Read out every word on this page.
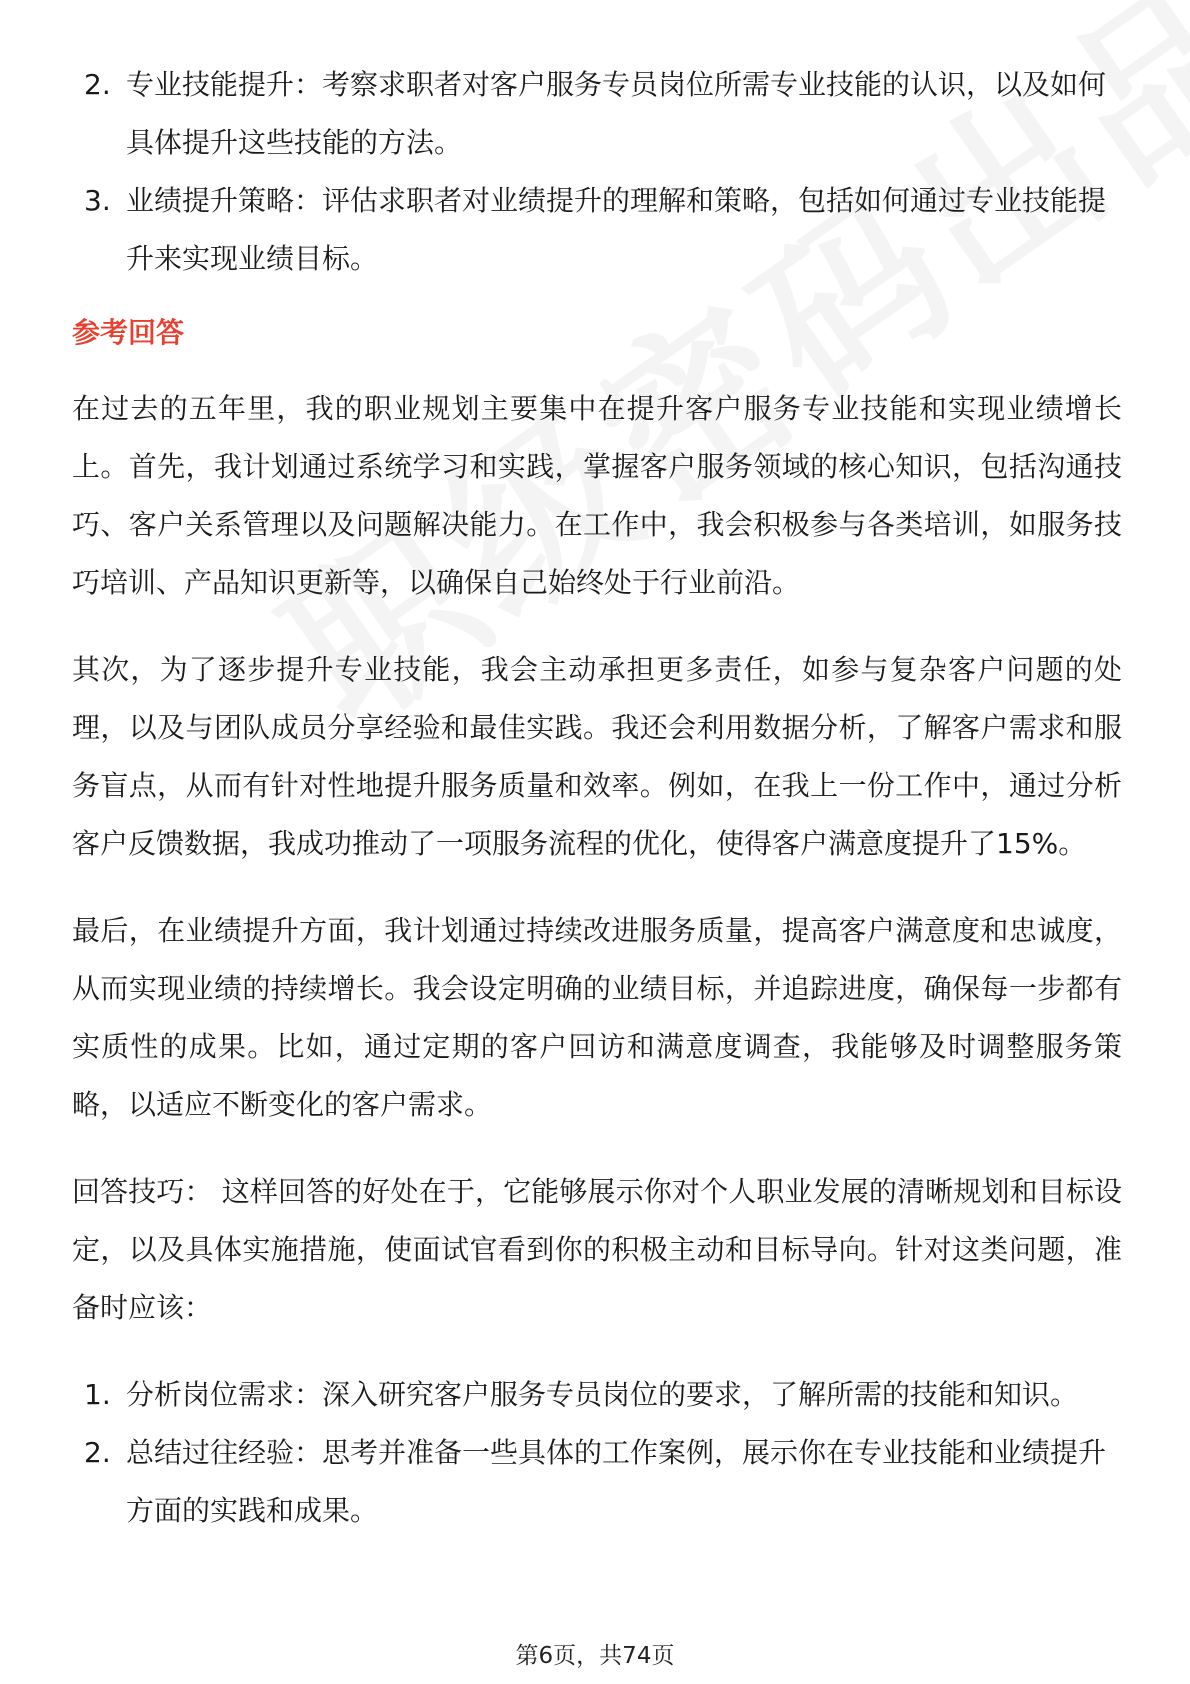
2. 专业技能提升：考察求职者对客户服务专员岗位所需专业技能的认识，以及如何具体提升这些技能的方法。
3. 业绩提升策略：评估求职者对业绩提升的理解和策略，包括如何通过专业技能提升来实现业绩目标。
参考回答

在过去的五年里，我的职业规划主要集中在提升客户服务专业技能和实现业绩增长上。首先，我计划通过系统学习和实践，掌握客户服务领域的核心知识，包括沟通技巧、客户关系管理以及问题解决能力。在工作中，我会积极参与各类培训，如服务技巧培训、产品知识更新等，以确保自己始终处于行业前沿。

其次，为了逐步提升专业技能，我会主动承担更多责任，如参与复杂客户问题的处理，以及与团队成员分享经验和最佳实践。我还会利用数据分析，了解客户需求和服务盲点，从而有针对性地提升服务质量和效率。例如，在我上一份工作中，通过分析客户反馈数据，我成功推动了一项服务流程的优化，使得客户满意度提升了15%。

最后，在业绩提升方面，我计划通过持续改进服务质量，提高客户满意度和忠诚度，从而实现业绩的持续增长。我会设定明确的业绩目标，并追踪进度，确保每一步都有实质性的成果。比如，通过定期的客户回访和满意度调查，我能够及时调整服务策略，以适应不断变化的客户需求。

回答技巧： 这样回答的好处在于，它能够展示你对个人职业发展的清晰规划和目标设定，以及具体实施措施，使面试官看到你的积极主动和目标导向。针对这类问题，准备时应该：

1. 分析岗位需求：深入研究客户服务专员岗位的要求，了解所需的技能和知识。
2. 总结过往经验：思考并准备一些具体的工作案例，展示你在专业技能和业绩提升方面的实践和成果。
第6页，共74页
